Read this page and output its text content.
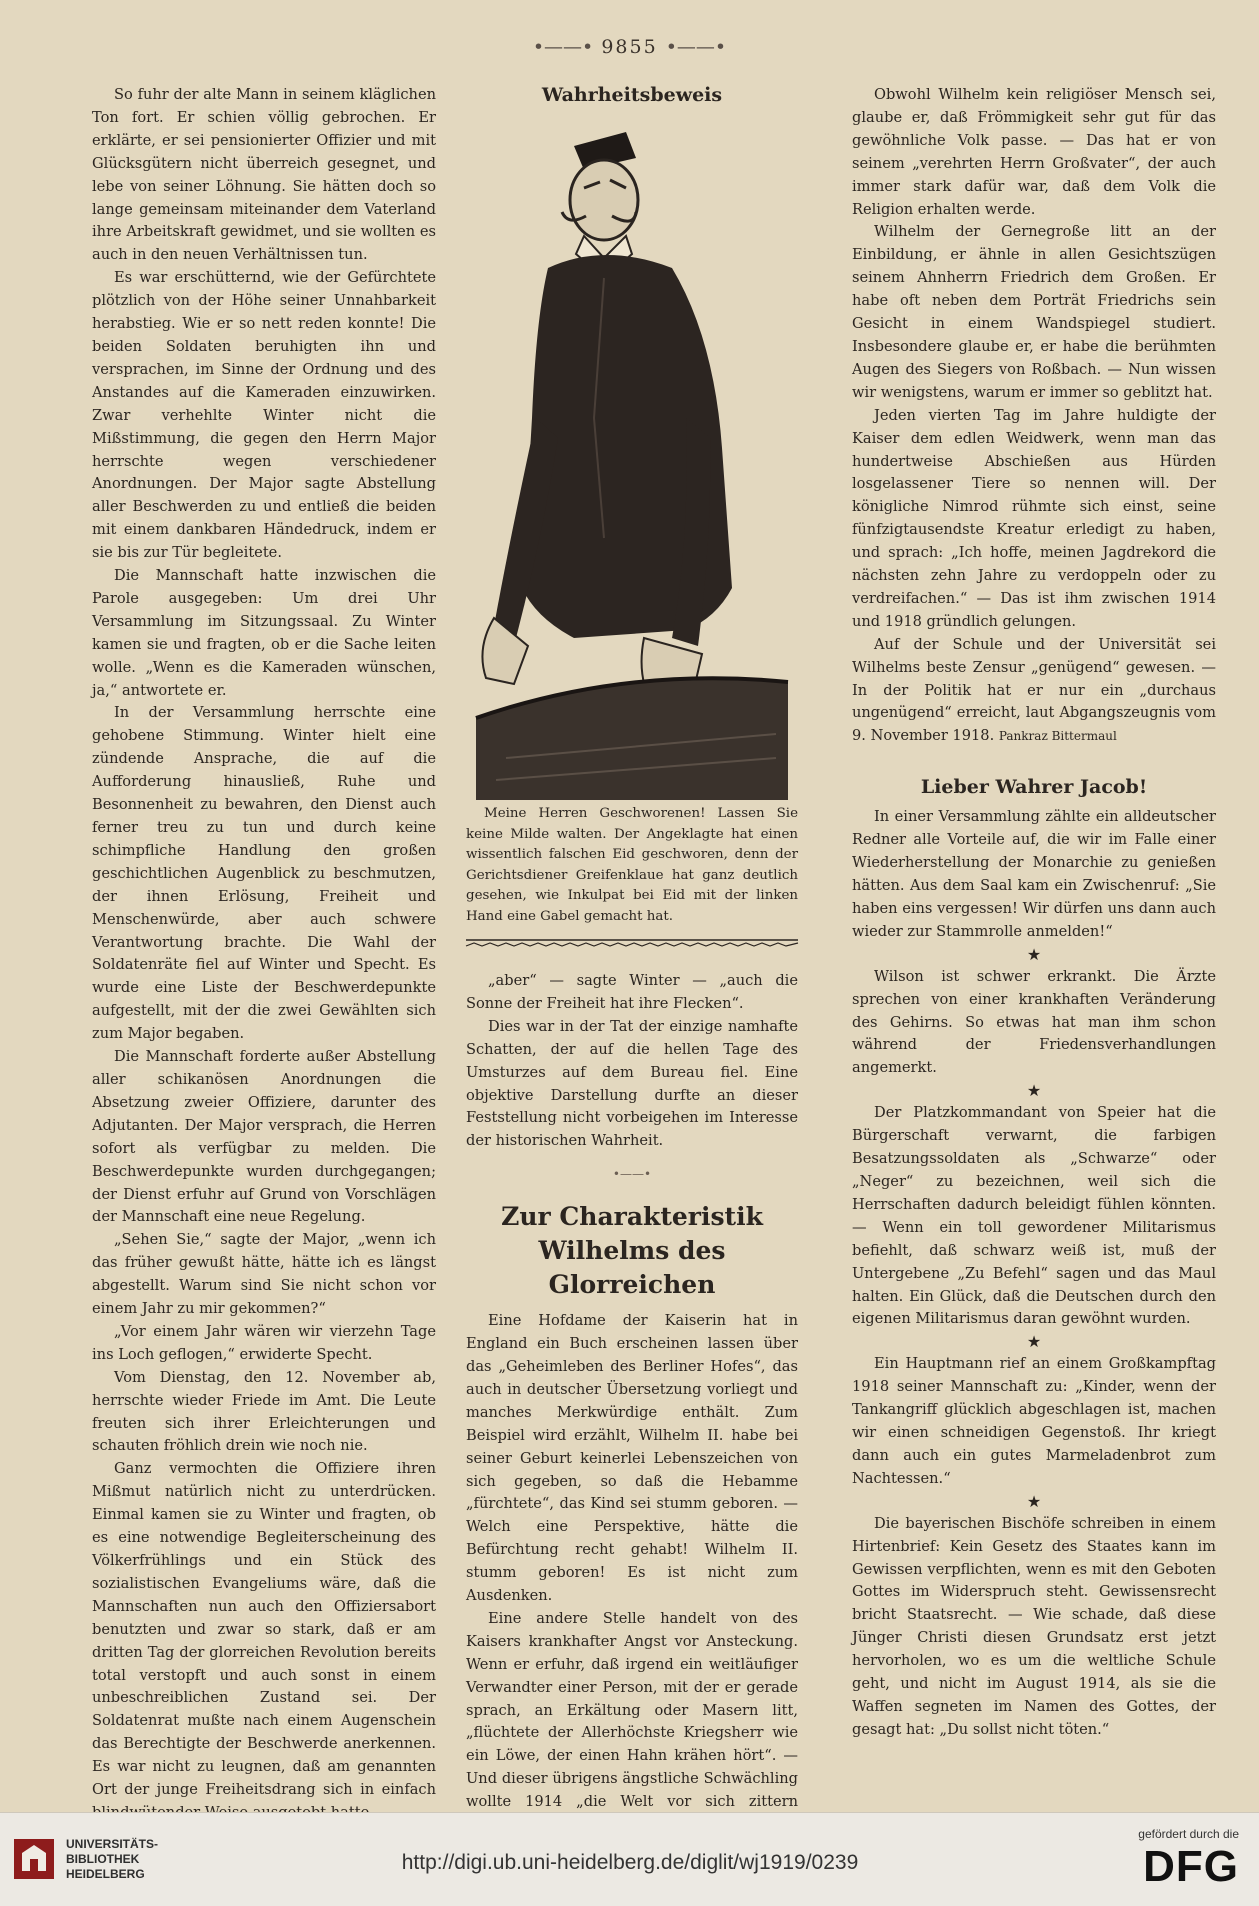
•——• 9855 •——•

So fuhr der alte Mann in seinem kläglichen Ton fort. Er schien völlig gebrochen. Er erklärte, er sei pensionierter Offizier und mit Glücksgütern nicht überreich gesegnet, und lebe von seiner Löhnung. Sie hätten doch so lange gemeinsam miteinander dem Vaterland ihre Arbeitskraft gewidmet, und sie wollten es auch in den neuen Verhältnissen tun.

Es war erschütternd, wie der Gefürchtete plötzlich von der Höhe seiner Unnahbarkeit herabstieg. Wie er so nett reden konnte! Die beiden Soldaten beruhigten ihn und versprachen, im Sinne der Ordnung und des Anstandes auf die Kameraden einzuwirken. Zwar verhehlte Winter nicht die Mißstimmung, die gegen den Herrn Major herrschte wegen verschiedener Anordnungen. Der Major sagte Abstellung aller Beschwerden zu und entließ die beiden mit einem dankbaren Händedruck, indem er sie bis zur Tür begleitete.

Die Mannschaft hatte inzwischen die Parole ausgegeben: Um drei Uhr Versammlung im Sitzungssaal. Zu Winter kamen sie und fragten, ob er die Sache leiten wolle. „Wenn es die Kameraden wünschen, ja,“ antwortete er.

In der Versammlung herrschte eine gehobene Stimmung. Winter hielt eine zündende Ansprache, die auf die Aufforderung hinausließ, Ruhe und Besonnenheit zu bewahren, den Dienst auch ferner treu zu tun und durch keine schimpfliche Handlung den großen geschichtlichen Augenblick zu beschmutzen, der ihnen Erlösung, Freiheit und Menschenwürde, aber auch schwere Verantwortung brachte. Die Wahl der Soldatenräte fiel auf Winter und Specht. Es wurde eine Liste der Beschwerdepunkte aufgestellt, mit der die zwei Gewählten sich zum Major begaben.

Die Mannschaft forderte außer Abstellung aller schikanösen Anordnungen die Absetzung zweier Offiziere, darunter des Adjutanten. Der Major versprach, die Herren sofort als verfügbar zu melden. Die Beschwerdepunkte wurden durchgegangen; der Dienst erfuhr auf Grund von Vorschlägen der Mannschaft eine neue Regelung.

„Sehen Sie,“ sagte der Major, „wenn ich das früher gewußt hätte, hätte ich es längst abgestellt. Warum sind Sie nicht schon vor einem Jahr zu mir gekommen?“

„Vor einem Jahr wären wir vierzehn Tage ins Loch geflogen,“ erwiderte Specht.

Vom Dienstag, den 12. November ab, herrschte wieder Friede im Amt. Die Leute freuten sich ihrer Erleichterungen und schauten fröhlich drein wie noch nie.

Ganz vermochten die Offiziere ihren Mißmut natürlich nicht zu unterdrücken. Einmal kamen sie zu Winter und fragten, ob es eine notwendige Begleiterscheinung des Völkerfrühlings und ein Stück des sozialistischen Evangeliums wäre, daß die Mannschaften nun auch den Offiziersabort benutzten und zwar so stark, daß er am dritten Tag der glorreichen Revolution bereits total verstopft und auch sonst in einem unbeschreiblichen Zustand sei. Der Soldatenrat mußte nach einem Augenschein das Berechtigte der Beschwerde anerkennen. Es war nicht zu leugnen, daß am genannten Ort der junge Freiheitsdrang sich in einfach

Wahrheitsbeweis

Meine Herren Geschworenen! Lassen Sie keine Milde walten. Der Angeklagte hat einen wissentlich falschen Eid geschworen, denn der Gerichtsdiener Greifenklaue hat ganz deutlich gesehen, wie Inkulpat bei Eid mit der linken Hand eine Gabel gemacht hat.

„aber“ — sagte Winter — „auch die Sonne der Freiheit hat ihre Flecken“.

Dies war in der Tat der einzige namhafte Schatten, der auf die hellen Tage des Umsturzes auf dem Bureau fiel. Eine objektive Darstellung durfte an dieser Feststellung nicht vorbeigehen im Interesse der historischen Wahrheit.

•——•
Zur Charakteristik
Wilhelms des Glorreichen

Eine Hofdame der Kaiserin hat in England ein Buch erscheinen lassen über das „Geheimleben des Berliner Hofes“, das auch in deutscher Übersetzung vorliegt und manches Merkwürdige enthält. Zum Beispiel wird erzählt, Wilhelm II. habe bei seiner Geburt keinerlei Lebenszeichen von sich gegeben, so daß die Hebamme „fürchtete“, das Kind sei stumm geboren. — Welch eine Perspektive, hätte die Befürchtung recht gehabt! Wilhelm II. stumm geboren! Es ist nicht zum Ausdenken.

Eine andere Stelle handelt von des Kaisers krankhafter Angst vor Ansteckung. Wenn er erfuhr, daß irgend ein weitläufiger Verwandter einer Person, mit der er gerade sprach, an Erkältung oder Masern litt, „flüchtete der Allerhöchste Kriegsherr wie ein Löwe, der einen Hahn krähen hört“. — Und dieser übrigens ängstliche Schwächling wollte 1914 „die Welt vor sich zittern

Obwohl Wilhelm kein religiöser Mensch sei, glaube er, daß Frömmigkeit sehr gut für das gewöhnliche Volk passe. — Das hat er von seinem „verehrten Herrn Großvater“, der auch immer stark dafür war, daß dem Volk die Religion erhalten werde.

Wilhelm der Gernegroße litt an der Einbildung, er ähnle in allen Gesichtszügen seinem Ahnherrn Friedrich dem Großen. Er habe oft neben dem Porträt Friedrichs sein Gesicht in einem Wandspiegel studiert. Insbesondere glaube er, er habe die berühmten Augen des Siegers von Roßbach. — Nun wissen wir wenigstens, warum er immer so geblitzt hat.

Jeden vierten Tag im Jahre huldigte der Kaiser dem edlen Weidwerk, wenn man das hundertweise Abschießen aus Hürden losgelassener Tiere so nennen will. Der königliche Nimrod rühmte sich einst, seine fünfzigtausendste Kreatur erledigt zu haben, und sprach: „Ich hoffe, meinen Jagdrekord die nächsten zehn Jahre zu verdoppeln oder zu verdreifachen.“ — Das ist ihm zwischen 1914 und 1918 gründlich gelungen.

Auf der Schule und der Universität sei Wilhelms beste Zensur „genügend“ gewesen. — In der Politik hat er nur ein „durchaus ungenügend“ erreicht, laut Abgangszeugnis vom 9. November 1918. Pankraz Bittermaul

Lieber Wahrer Jacob!

In einer Versammlung zählte ein alldeutscher Redner alle Vorteile auf, die wir im Falle einer Wiederherstellung der Monarchie zu genießen hätten. Aus dem Saal kam ein Zwischenruf: „Sie haben eins vergessen! Wir dürfen uns dann auch wieder zur Stammrolle anmelden!“

★

Wilson ist schwer erkrankt. Die Ärzte sprechen von einer krankhaften Veränderung des Gehirns. So etwas hat man ihm schon während der Friedensverhandlungen angemerkt.

★

Der Platzkommandant von Speier hat die Bürgerschaft verwarnt, die farbigen Besatzungssoldaten als „Schwarze“ oder „Neger“ zu bezeichnen, weil sich die Herrschaften dadurch beleidigt fühlen könnten. — Wenn ein toll gewordener Militarismus befiehlt, daß schwarz weiß ist, muß der Untergebene „Zu Befehl“ sagen und das Maul halten. Ein Glück, daß die Deutschen durch den eigenen Militarismus daran gewöhnt wurden.

★

Ein Hauptmann rief an einem Großkampftag 1918 seiner Mannschaft zu: „Kinder, wenn der Tankangriff glücklich abgeschlagen ist, machen wir einen schneidigen Gegenstoß. Ihr kriegt dann auch ein gutes Marmeladenbrot zum Nachtessen.“

★

Die bayerischen Bischöfe schreiben in einem Hirtenbrief: Kein Gesetz des Staates kann im Gewissen verpflichten, wenn es mit den Geboten Gottes im Widerspruch steht. Gewissensrecht bricht Staatsrecht. — Wie schade, daß diese Jünger Christi diesen Grundsatz erst jetzt hervorholen, wo es um die weltliche Schule geht, und nicht im August 1914, als sie die Waffen segneten im Namen des Gottes, der gesagt hat: „Du sollst nicht töten.“

UNIVERSITÄTS-
BIBLIOTHEK
HEIDELBERG	http://digi.ub.uni-heidelberg.de/diglit/wj1919/0239
gefördert durch die
DFG
